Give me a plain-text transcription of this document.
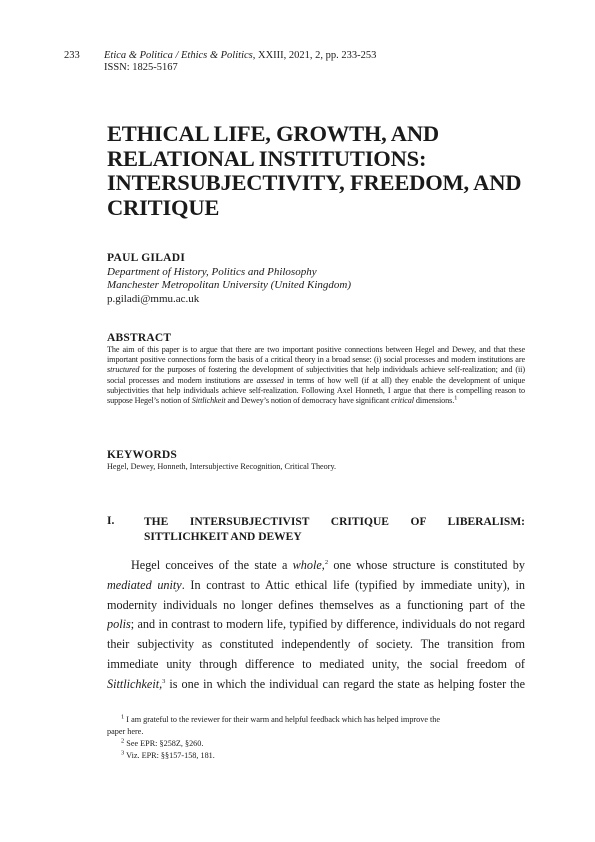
233 Etica & Politica / Ethics & Politics, XXIII, 2021, 2, pp. 233-253
ISSN: 1825-5167
ETHICAL LIFE, GROWTH, AND
RELATIONAL INSTITUTIONS:
INTERSUBJECTIVITY, FREEDOM, AND
CRITIQUE
PAUL GILADI
Department of History, Politics and Philosophy
Manchester Metropolitan University (United Kingdom)
p.giladi@mmu.ac.uk
ABSTRACT
The aim of this paper is to argue that there are two important positive connections between Hegel and Dewey, and that these important positive connections form the basis of a critical theory in a broad sense: (i) social processes and modern institutions are structured for the purposes of fostering the development of subjectivities that help individuals achieve self-realization; and (ii) social processes and modern institutions are assessed in terms of how well (if at all) they enable the development of unique subjectivities that help individuals achieve self-realization. Following Axel Honneth, I argue that there is compelling reason to suppose Hegel’s notion of Sittlichkeit and Dewey’s notion of democracy have significant critical dimensions.$^1$
KEYWORDS
Hegel, Dewey, Honneth, Intersubjective Recognition, Critical Theory.
I.	THE INTERSUBJECTIVIST CRITIQUE OF LIBERALISM:
SITTLICHKEIT AND DEWEY
Hegel conceives of the state a whole,$^2$ one whose structure is constituted by
mediated unity. In contrast to Attic ethical life (typified by immediate unity), in
modernity individuals no longer defines themselves as a functioning part of the
polis; and in contrast to modern life, typified by difference, individuals do not regard
their subjectivity as constituted independently of society. The transition from
immediate unity through difference to mediated unity, the social freedom of
Sittlichkeit,$^3$ is one in which the individual can regard the state as helping foster the
$^1$ I am grateful to the reviewer for their warm and helpful feedback which has helped improve the
paper here.
$^2$ See EPR: §258Z, §260.
$^3$ Viz. EPR: §§157-158, 181.
